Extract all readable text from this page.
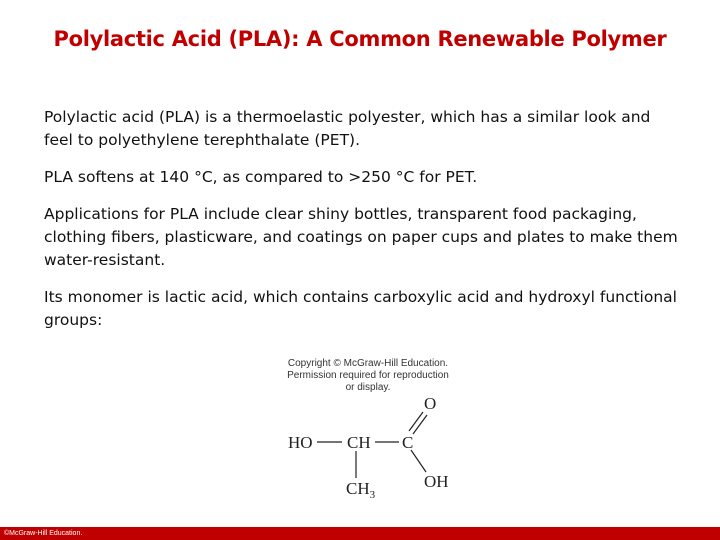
Polylactic Acid (PLA): A Common Renewable Polymer

Polylactic acid (PLA) is a thermoelastic polyester, which has a similar look and feel to polyethylene terephthalate (PET).

PLA softens at 140 °C, as compared to >250 °C for PET.

Applications for PLA include clear shiny bottles, transparent food packaging, clothing fibers, plasticware, and coatings on paper cups and plates to make them water-resistant.

Its monomer is lactic acid, which contains carboxylic acid and hydroxyl functional groups:

Copyright © McGraw-Hill Education.
Permission required for reproduction
or display.
HO CH C
O
OH
$CH_3$
©McGraw-Hill Education.
